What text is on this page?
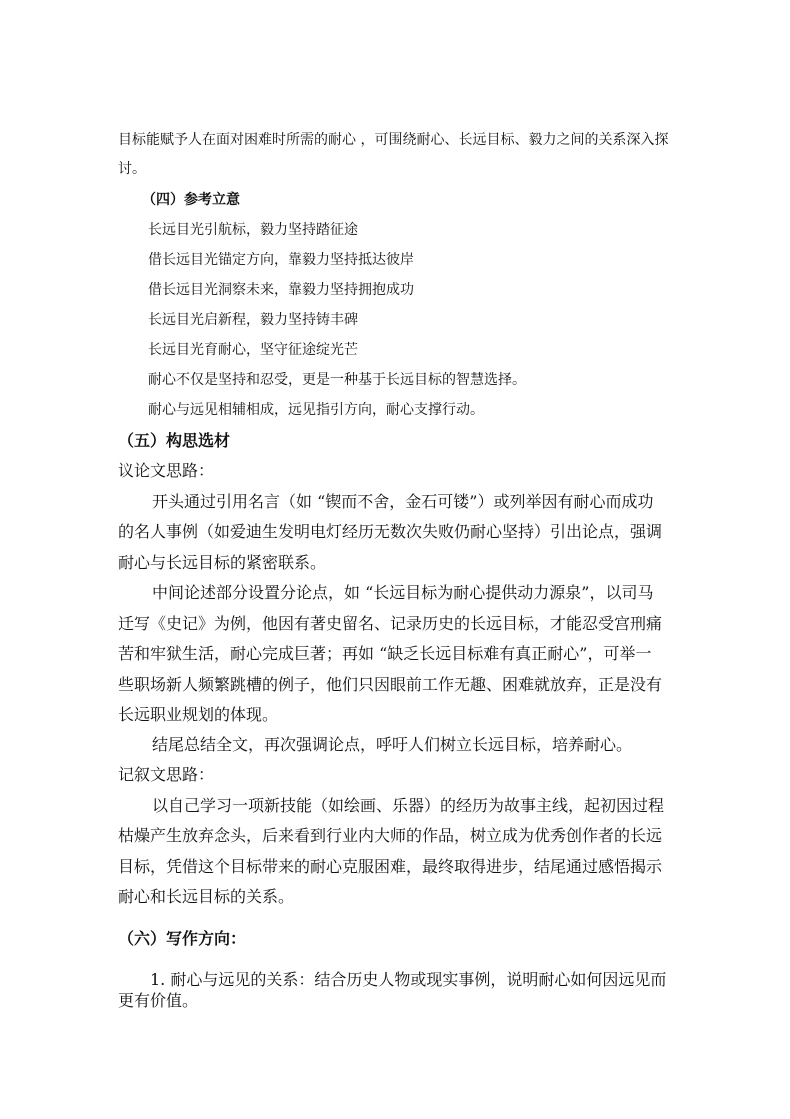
目标能赋予人在面对困难时所需的耐心 ，可围绕耐心、长远目标、毅力之间的关系深入探
讨。
（四）参考立意
长远目光引航标，毅力坚持踏征途
借长远目光锚定方向，靠毅力坚持抵达彼岸
借长远目光洞察未来，靠毅力坚持拥抱成功
长远目光启新程，毅力坚持铸丰碑
长远目光育耐心，坚守征途绽光芒
耐心不仅是坚持和忍受，更是一种基于长远目标的智慧选择。
耐心与远见相辅相成，远见指引方向，耐心支撑行动。
（五）构思选材
议论文思路：
开头通过引用名言（如 “锲而不舍，金石可镂”）或列举因有耐心而成功
的名人事例（如爱迪生发明电灯经历无数次失败仍耐心坚持）引出论点，强调
耐心与长远目标的紧密联系。
中间论述部分设置分论点，如 “长远目标为耐心提供动力源泉”，以司马
迁写《史记》为例，他因有著史留名、记录历史的长远目标，才能忍受宫刑痛
苦和牢狱生活，耐心完成巨著；再如 “缺乏长远目标难有真正耐心”，可举一
些职场新人频繁跳槽的例子，他们只因眼前工作无趣、困难就放弃，正是没有
长远职业规划的体现。
结尾总结全文，再次强调论点，呼吁人们树立长远目标，培养耐心。
记叙文思路：
以自己学习一项新技能（如绘画、乐器）的经历为故事主线，起初因过程
枯燥产生放弃念头，后来看到行业内大师的作品，树立成为优秀创作者的长远
目标，凭借这个目标带来的耐心克服困难，最终取得进步，结尾通过感悟揭示
耐心和长远目标的关系。
（六）写作方向：
1. 耐心与远见的关系：结合历史人物或现实事例，说明耐心如何因远见而
更有价值。
